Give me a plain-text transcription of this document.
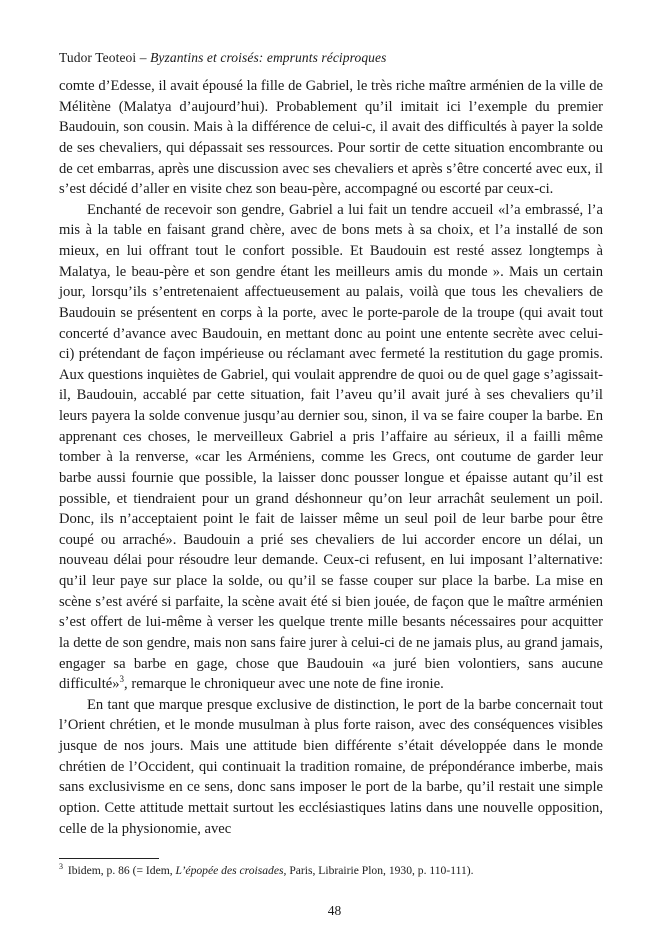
Tudor Teoteoi – Byzantins et croisés: emprunts réciproques

comte d’Edesse, il avait épousé la fille de Gabriel, le très riche maître arménien de la ville de Mélitène (Malatya d’aujourd’hui). Probablement qu’il imitait ici l’exemple du premier Baudouin, son cousin. Mais à la différence de celui-c, il avait des difficultés à payer la solde de ses chevaliers, qui dépassait ses ressources. Pour sortir de cette situation encombrante ou de cet embarras, après une discussion avec ses chevaliers et après s’être concerté avec eux, il s’est décidé d’aller en visite chez son beau-père, accompagné ou escorté par ceux-ci.

Enchanté de recevoir son gendre, Gabriel a lui fait un tendre accueil «l’a embrassé, l’a mis à la table en faisant grand chère, avec de bons mets à sa choix, et l’a installé de son mieux, en lui offrant tout le confort possible. Et Baudouin est resté assez longtemps à Malatya, le beau-père et son gendre étant les meilleurs amis du monde ». Mais un certain jour, lorsqu’ils s’entretenaient affectueusement au palais, voilà que tous les chevaliers de Baudouin se présentent en corps à la porte, avec le porte-parole de la troupe (qui avait tout concerté d’avance avec Baudouin, en mettant donc au point une entente secrète avec celui-ci) prétendant de façon impérieuse ou réclamant avec fermeté la restitution du gage promis. Aux questions inquiètes de Gabriel, qui voulait apprendre de quoi ou de quel gage s’agissait-il, Baudouin, accablé par cette situation, fait l’aveu qu’il avait juré à ses chevaliers qu’il leurs payera la solde convenue jusqu’au dernier sou, sinon, il va se faire couper la barbe. En apprenant ces choses, le merveilleux Gabriel a pris l’affaire au sérieux, il a failli même tomber à la renverse, «car les Arméniens, comme les Grecs, ont coutume de garder leur barbe aussi fournie que possible, la laisser donc pousser longue et épaisse autant qu’il est possible, et tiendraient pour un grand déshonneur qu’on leur arrachât seulement un poil. Donc, ils n’acceptaient point le fait de laisser même un seul poil de leur barbe pour être coupé ou arraché». Baudouin a prié ses chevaliers de lui accorder encore un délai, un nouveau délai pour résoudre leur demande. Ceux-ci refusent, en lui imposant l’alternative: qu’il leur paye sur place la solde, ou qu’il se fasse couper sur place la barbe. La mise en scène s’est avéré si parfaite, la scène avait été si bien jouée, de façon que le maître arménien s’est offert de lui-même à verser les quelque trente mille besants nécessaires pour acquitter la dette de son gendre, mais non sans faire jurer à celui-ci de ne jamais plus, au grand jamais, engager sa barbe en gage, chose que Baudouin «a juré bien volontiers, sans aucune difficulté»$^3$, remarque le chroniqueur avec une note de fine ironie.

En tant que marque presque exclusive de distinction, le port de la barbe concernait tout l’Orient chrétien, et le monde musulman à plus forte raison, avec des conséquences visibles jusque de nos jours. Mais une attitude bien différente s’était développée dans le monde chrétien de l’Occident, qui continuait la tradition romaine, de prépondérance imberbe, mais sans exclusivisme en ce sens, donc sans imposer le port de la barbe, qu’il restait une simple option. Cette attitude mettait surtout les ecclésiastiques latins dans une nouvelle opposition, celle de la physionomie, avec

$^3$ Ibidem, p. 86 (= Idem, L’épopée des croisades, Paris, Librairie Plon, 1930, p. 110-111).
48
